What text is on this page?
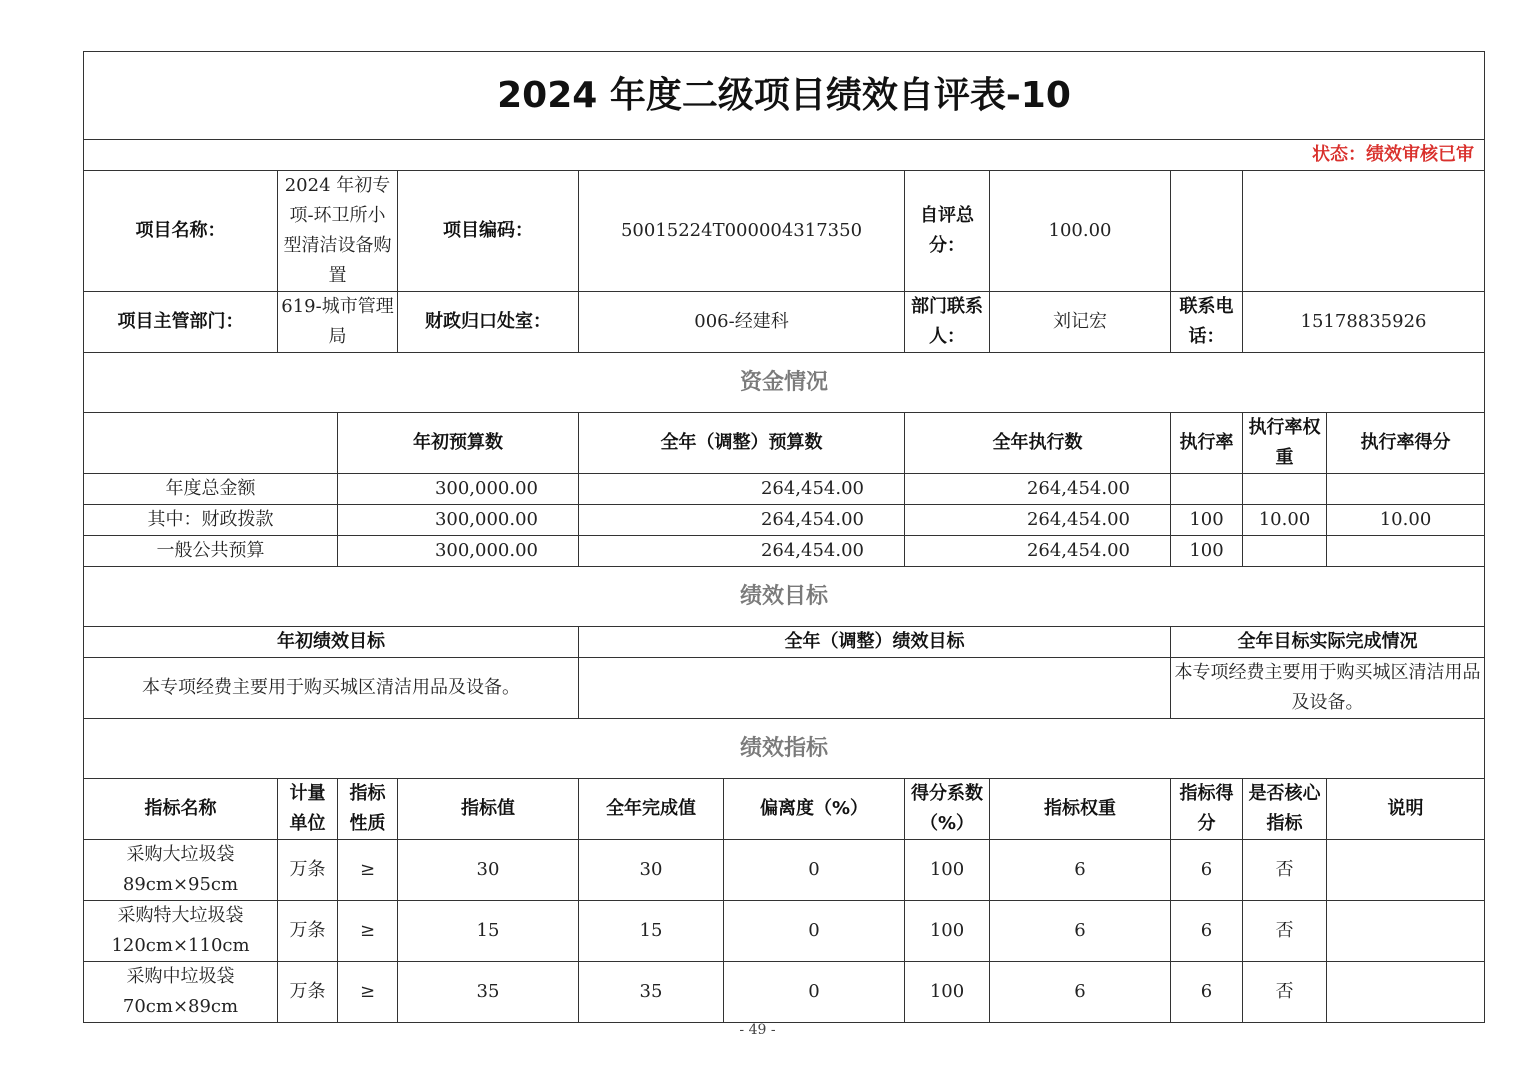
2024 年度二级项目绩效自评表-10										
状态：绩效审核已审										
项目名称：	2024 年初专项-环卫所小型清洁设备购置		项目编码：	50015224T000004317350		自评总分：	100.00			
项目主管部门：	619-城市管理局		财政归口处室：	006-经建科		部门联系人：	刘记宏	联系电话：	15178835926	
资金情况										
		年初预算数		全年（调整）预算数		全年执行数		执行率	执行率权重	执行率得分
年度总金额		300,000.00		264,454.00		264,454.00				
其中：财政拨款		300,000.00		264,454.00		264,454.00		100	10.00	10.00
一般公共预算		300,000.00		264,454.00		264,454.00		100		
绩效目标										
年初绩效目标				全年（调整）绩效目标				全年目标实际完成情况		
本专项经费主要用于购买城区清洁用品及设备。								本专项经费主要用于购买城区清洁用品及设备。		
绩效指标										
指标名称	计量单位	指标性质	指标值	全年完成值	偏离度（%）	得分系数（%）	指标权重	指标得分	是否核心指标	说明
采购大垃圾袋 89cm×95cm	万条	≥	30	30	0	100	6	6	否	
采购特大垃圾袋 120cm×110cm	万条	≥	15	15	0	100	6	6	否	
采购中垃圾袋 70cm×89cm	万条	≥	35	35	0	100	6	6	否	
- 49 -
